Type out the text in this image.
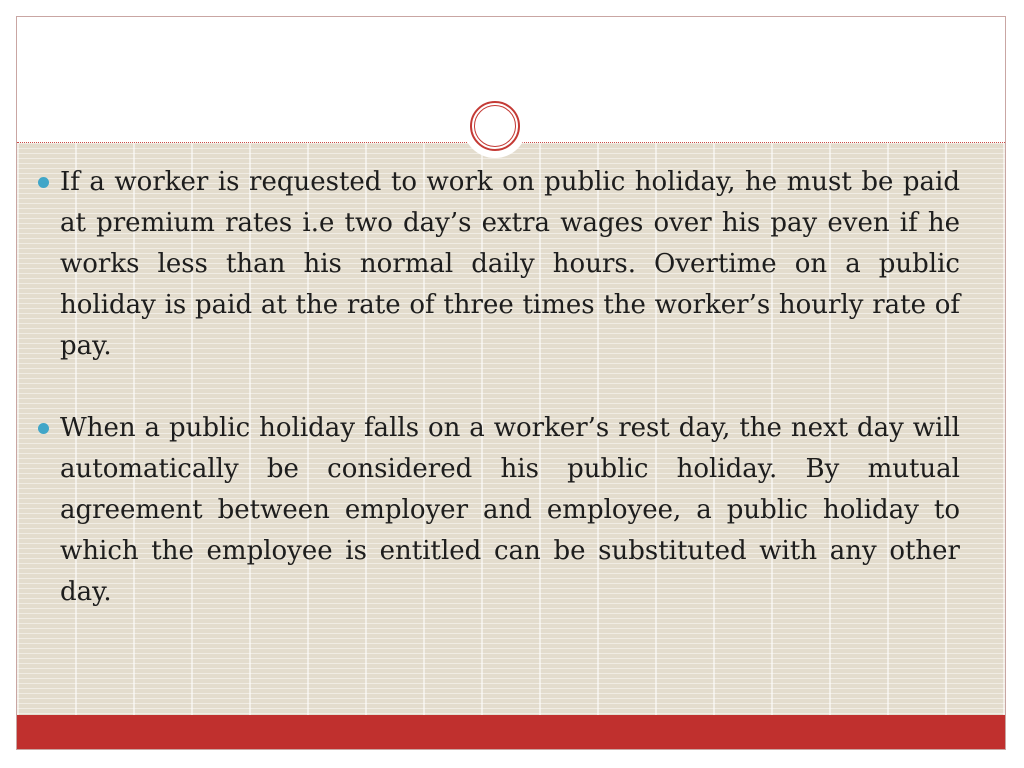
If a worker is requested to work on public holiday, he must be paid at premium rates i.e two day’s extra wages over his pay even if he works less than his normal daily hours. Overtime on a public holiday is paid at the rate of three times the worker’s hourly rate of pay.
When a public holiday falls on a worker’s rest day, the next day will automatically be considered his public holiday. By mutual agreement between employer and employee, a public holiday to which the employee is entitled can be substituted with any other day.
